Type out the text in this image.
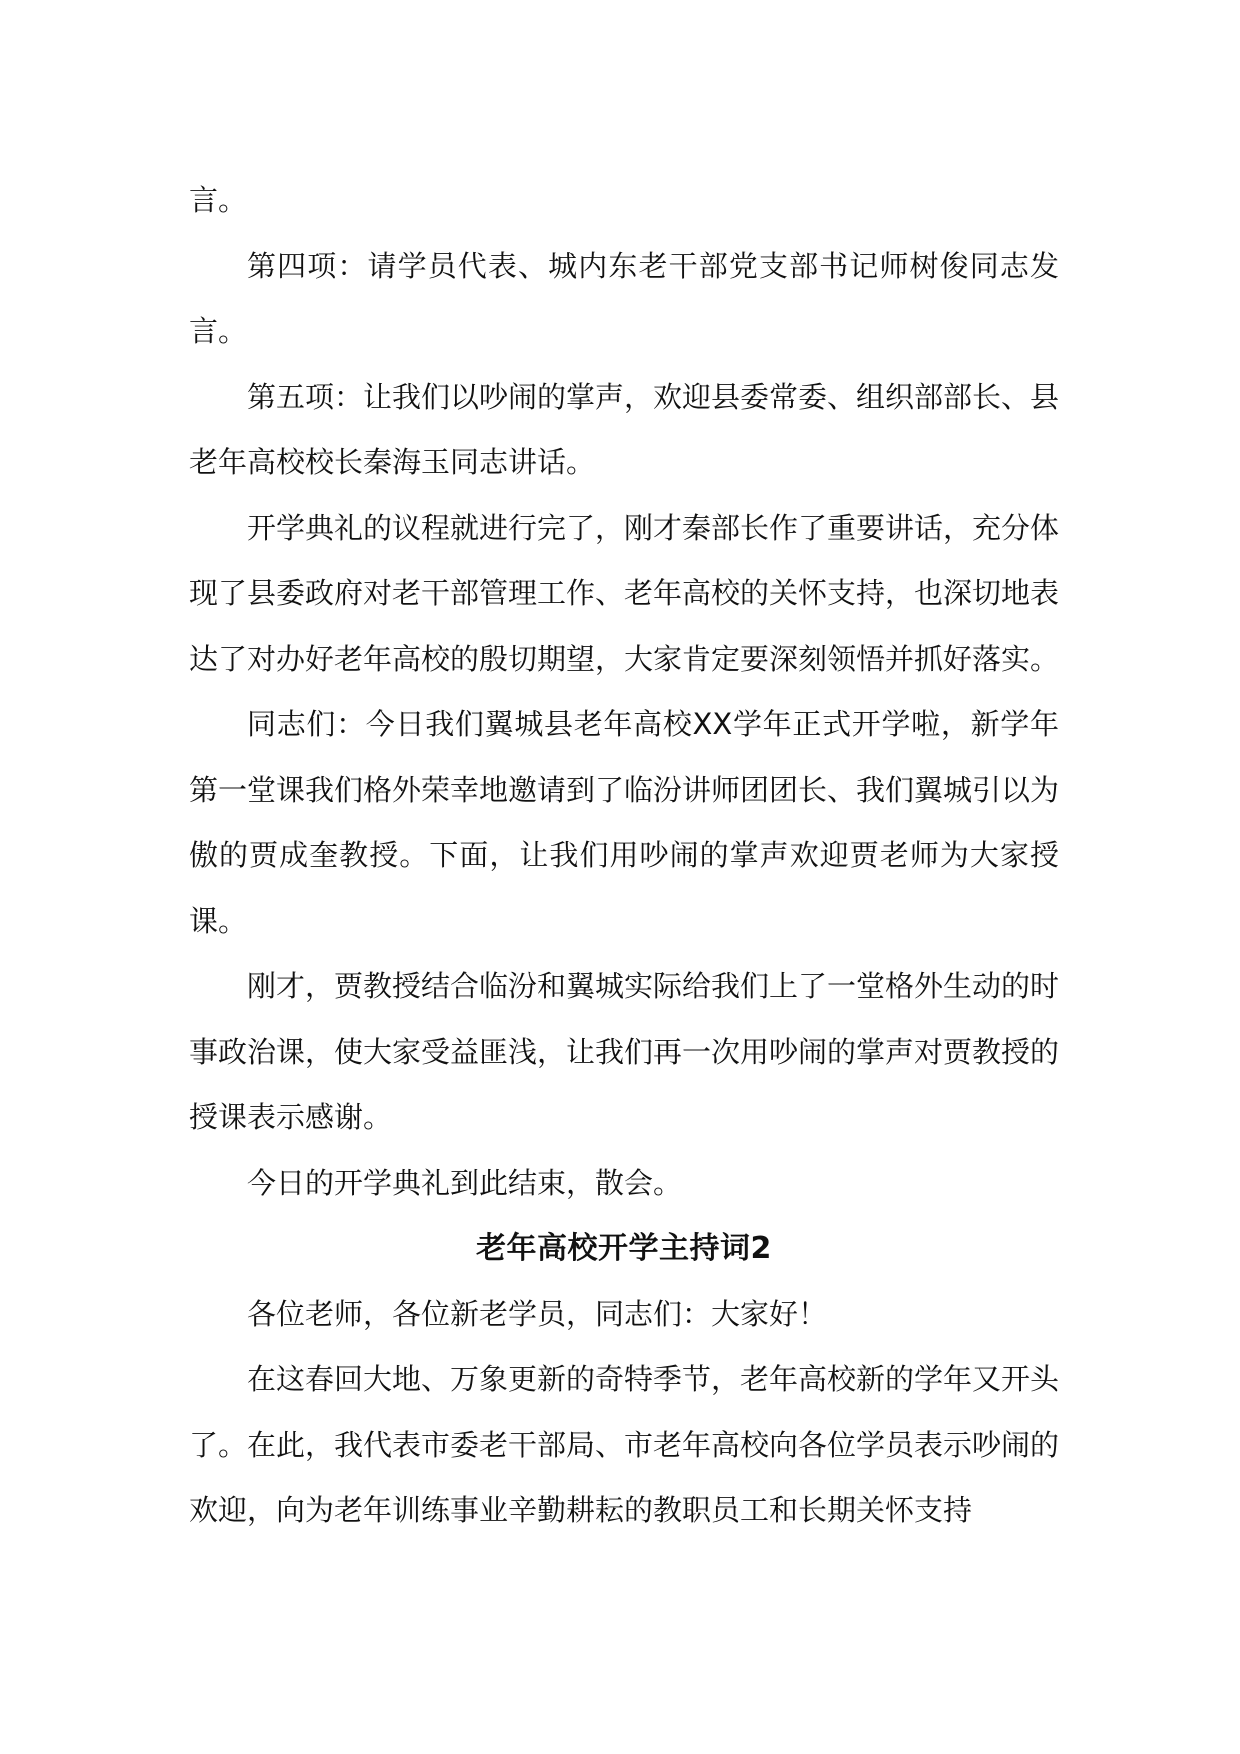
言。

第四项：请学员代表、城内东老干部党支部书记师树俊同志发言。

第五项：让我们以吵闹的掌声，欢迎县委常委、组织部部长、县老年高校校长秦海玉同志讲话。

开学典礼的议程就进行完了，刚才秦部长作了重要讲话，充分体现了县委政府对老干部管理工作、老年高校的关怀支持，也深切地表达了对办好老年高校的殷切期望，大家肯定要深刻领悟并抓好落实。

同志们：今日我们翼城县老年高校XX学年正式开学啦，新学年第一堂课我们格外荣幸地邀请到了临汾讲师团团长、我们翼城引以为傲的贾成奎教授。下面，让我们用吵闹的掌声欢迎贾老师为大家授课。

刚才，贾教授结合临汾和翼城实际给我们上了一堂格外生动的时事政治课，使大家受益匪浅，让我们再一次用吵闹的掌声对贾教授的授课表示感谢。

今日的开学典礼到此结束，散会。

老年高校开学主持词2

各位老师，各位新老学员，同志们：大家好！

在这春回大地、万象更新的奇特季节，老年高校新的学年又开头了。在此，我代表市委老干部局、市老年高校向各位学员表示吵闹的欢迎，向为老年训练事业辛勤耕耘的教职员工和长期关怀支持
